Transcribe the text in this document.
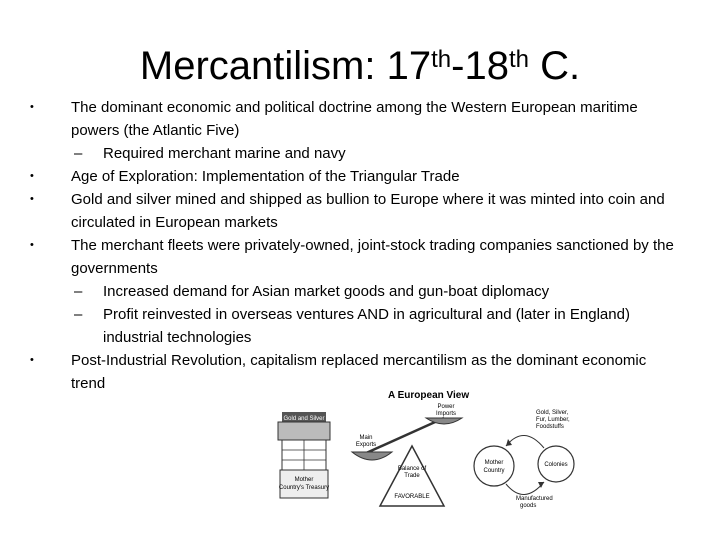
Mercantilism: 17th-18th C.
• The dominant economic and political doctrine among the Western European maritime powers (the Atlantic Five)
– Required merchant marine and navy
• Age of Exploration: Implementation of the Triangular Trade
• Gold and silver mined and shipped as bullion to Europe where it was minted into coin and circulated in European markets
• The merchant fleets were privately-owned, joint-stock trading companies sanctioned by the governments
– Increased demand for Asian market goods and gun-boat diplomacy
– Profit reinvested in overseas ventures AND in agricultural and (later in England) industrial technologies
• Post-Industrial Revolution, capitalism replaced mercantilism as the dominant economic trend
A European View
Gold and Silver
Mother
Country's Treasury
Main
Exports
Power
Imports
Balance of
Trade
FAVORABLE
Mother
Country
Colonies
Gold, Silver,
Fur, Lumber,
Foodstuffs
Manufactured
goods
